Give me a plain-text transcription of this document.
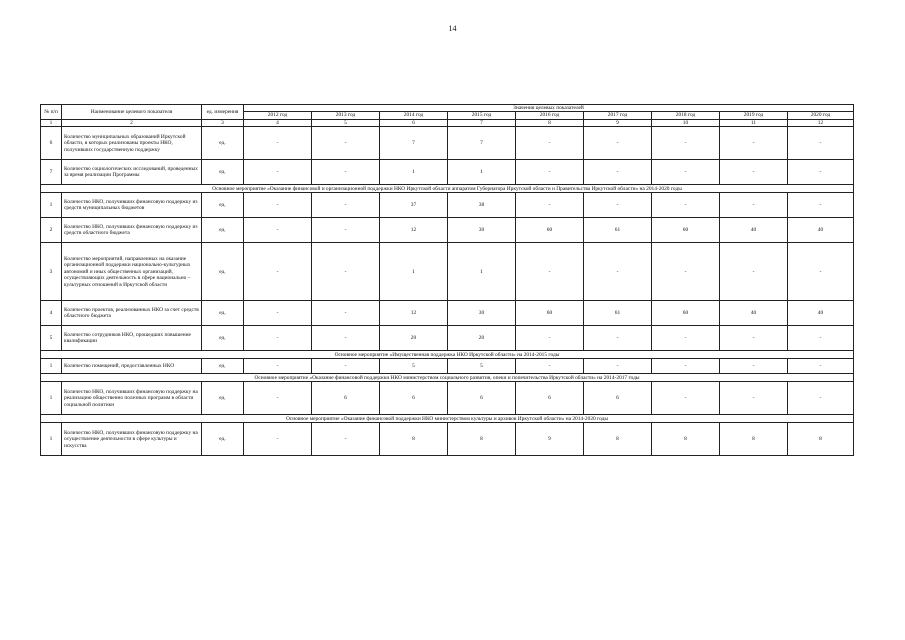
14
№ п/п	Наименование целевого показателя	ед. измерения	Значения целевых показателей								
			2012 год	2013 год	2014 год	2015 год	2016 год	2017 год	2018 год	2019 год	2020 год
1	2	3	4	5	6	7	8	9	10	11	12
6	Количество муниципальных образований Иркутской области, в которых реализованы проекты НКО, получивших государственную поддержку	ед.	-	-	7	7	-	-	-	-	-
7	Количество социологических исследований, проведенных за время реализации Программы	ед.	-	-	1	1	-	-	-	-	-
Основное мероприятие «Оказание финансовой и организационной поддержки НКО Иркутской области аппаратом Губернатора Иркутской области и Правительства Иркутской области» на 2014-2020 годы											
1	Количество НКО, получивших финансовую поддержку из средств муниципальных бюджетов	ед.	-	-	37	38	-	-	-	-	-
2	Количество НКО, получивших финансовую поддержку из средств областного бюджета	ед.	-	-	12	30	60	61	60	40	40
3	Количество мероприятий, направленных на оказание организационной поддержки национально-культурных автономий и иных общественных организаций, осуществляющих деятельность в сфере национально – культурных отношений в Иркутской области	ед.	-	-	1	1	-	-	-	-	-
4	Количество проектов, реализованных НКО за счет средств областного бюджета	ед.	-	-	12	30	60	61	60	40	40
5	Количество сотрудников НКО, прошедших повышение квалификации	ед.	-	-	20	20	-	-	-	-	-
Основное мероприятие «Имущественная поддержка НКО Иркутской области» на 2014-2015 годы											
1	Количество помещений, предоставленных НКО	ед.	-	-	5	5	-	-	-	-	-
Основное мероприятие «Оказание финансовой поддержки НКО министерством социального развития, опеки и попечительства Иркутской области» на 2014-2017 годы											
1	Количество НКО, получивших финансовую поддержку на реализацию общественно полезных программ в области социальной политики	ед.	-	6	6	6	6	6	-	-	-
Основное мероприятие «Оказание финансовой поддержки НКО министерством культуры и архивов Иркутской области» на 2014-2020 годы											
1	Количество НКО, получивших финансовую поддержку на осуществление деятельности в сфере культуры и искусства	ед.	-	-	8	8	9	8	8	8	8
